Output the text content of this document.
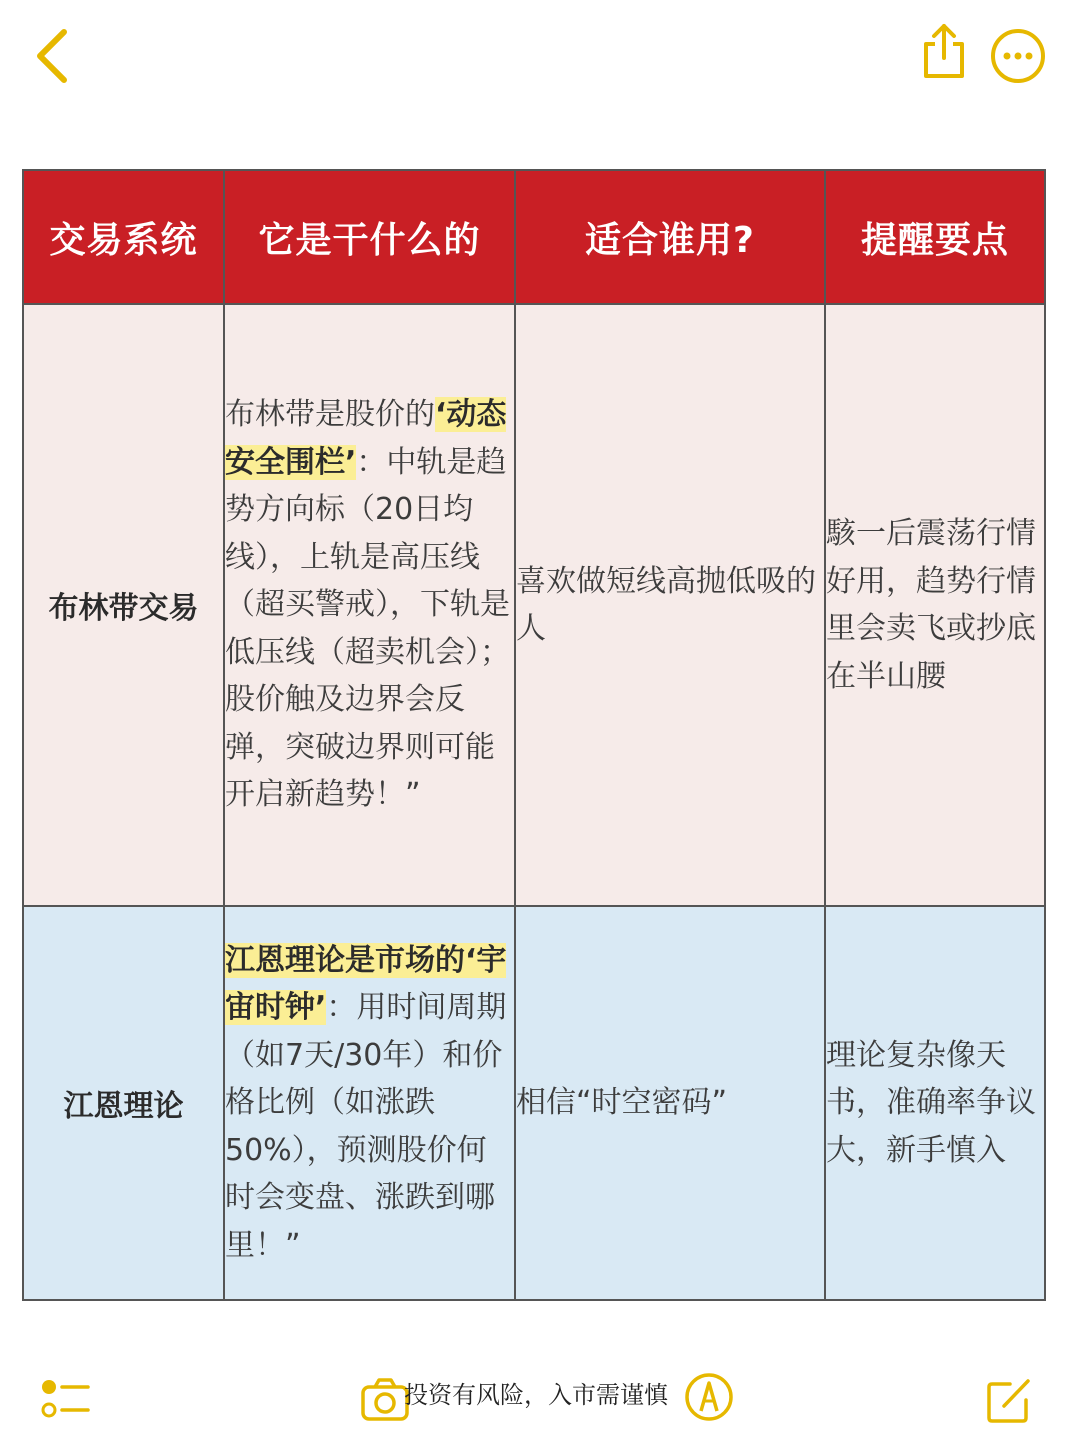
交易系统	它是干什么的	适合谁用?	提醒要点
布林带交易	布林带是股价的‘动态安全围栏’：中轨是趋势方向标（20日均线），上轨是高压线（超买警戒），下轨是低压线（超卖机会）；股价触及边界会反弹，突破边界则可能开启新趋势！”	喜欢做短线高抛低吸的人	駭一后震荡行情好用，趋势行情里会卖飞或抄底在半山腰

江恩理论	江恩理论是市场的‘宇宙时钟’：用时间周期（如7天/30年）和价格比例（如涨跌50%），预测股价何时会变盘、涨跌到哪里！”	相信“时空密码”	理论复杂像天书，准确率争议大，新手慎入
投资有风险，入市需谨慎
